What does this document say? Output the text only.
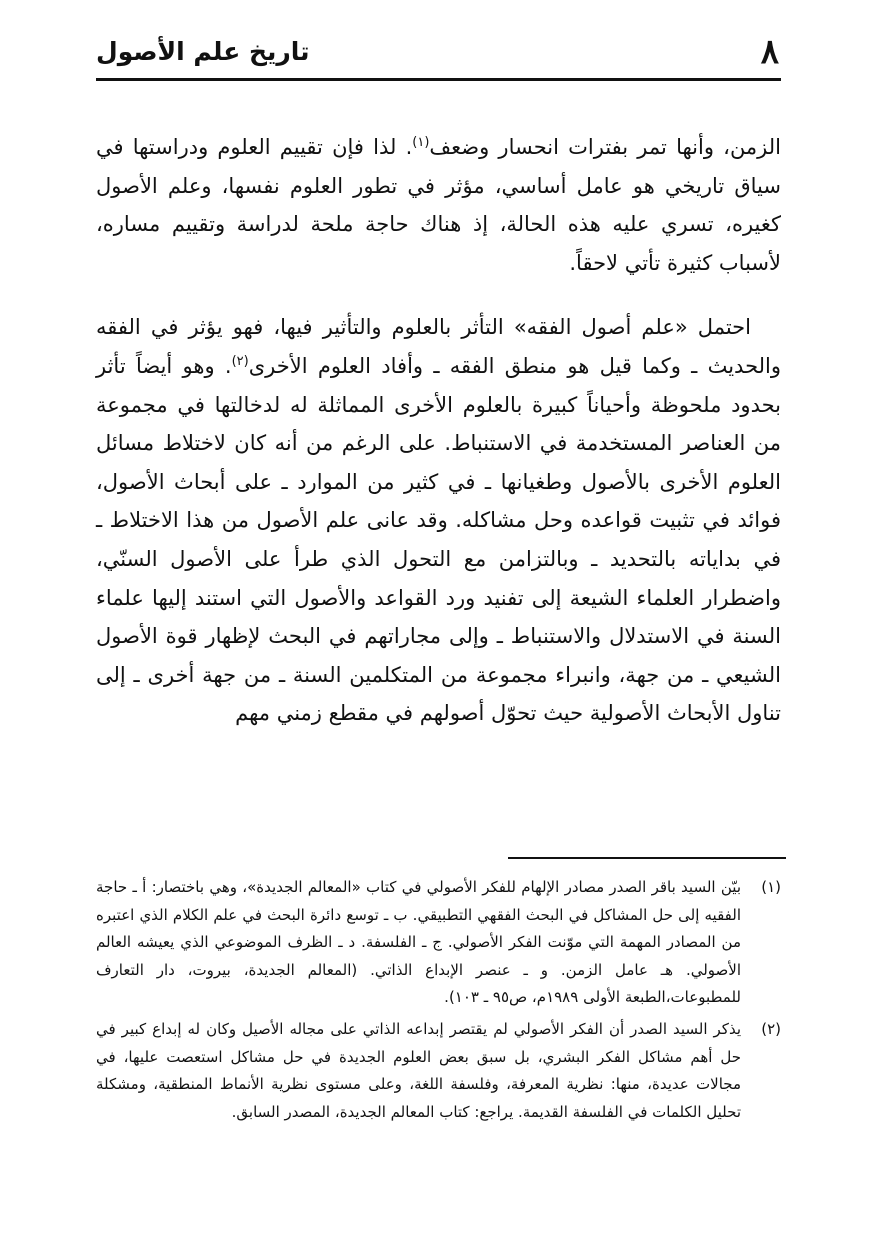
٨
تاريخ علم الأصول

الزمن، وأنها تمر بفترات انحسار وضعف$^{(١)}$. لذا فإن تقييم العلوم ودراستها في سياق تاريخي هو عامل أساسي، مؤثر في تطور العلوم نفسها، وعلم الأصول كغيره، تسري عليه هذه الحالة، إذ هناك حاجة ملحة لدراسة وتقييم مساره، لأسباب كثيرة تأتي لاحقاً.

احتمل «علم أصول الفقه» التأثر بالعلوم والتأثير فيها، فهو يؤثر في الفقه والحديث ـ وكما قيل هو منطق الفقه ـ وأفاد العلوم الأخرى$^{(٢)}$. وهو أيضاً تأثر بحدود ملحوظة وأحياناً كبيرة بالعلوم الأخرى المماثلة له لدخالتها في مجموعة من العناصر المستخدمة في الاستنباط. على الرغم من أنه كان لاختلاط مسائل العلوم الأخرى بالأصول وطغيانها ـ في كثير من الموارد ـ على أبحاث الأصول، فوائد في تثبيت قواعده وحل مشاكله. وقد عانى علم الأصول من هذا الاختلاط ـ في بداياته بالتحديد ـ وبالتزامن مع التحول الذي طرأ على الأصول السنّي، واضطرار العلماء الشيعة إلى تفنيد ورد القواعد والأصول التي استند إليها علماء السنة في الاستدلال والاستنباط ـ وإلى مجاراتهم في البحث لإظهار قوة الأصول الشيعي ـ من جهة، وانبراء مجموعة من المتكلمين السنة ـ من جهة أخرى ـ إلى تناول الأبحاث الأصولية حيث تحوّل أصولهم في مقطع زمني مهم

(١)
بيّن السيد باقر الصدر مصادر الإلهام للفكر الأصولي في كتاب «المعالم الجديدة»، وهي باختصار: أ ـ حاجة الفقيه إلى حل المشاكل في البحث الفقهي التطبيقي. ب ـ توسع دائرة البحث في علم الكلام الذي اعتبره من المصادر المهمة التي موّنت الفكر الأصولي. ج ـ الفلسفة. د ـ الظرف الموضوعي الذي يعيشه العالم الأصولي. هـ عامل الزمن. و ـ عنصر الإبداع الذاتي. (المعالم الجديدة، بيروت، دار التعارف للمطبوعات،الطبعة الأولى ١٩٨٩م، ص٩٥ ـ ١٠٣).
(٢)
يذكر السيد الصدر أن الفكر الأصولي لم يقتصر إبداعه الذاتي على مجاله الأصيل وكان له إبداع كبير في حل أهم مشاكل الفكر البشري، بل سبق بعض العلوم الجديدة في حل مشاكل استعصت عليها، في مجالات عديدة، منها: نظرية المعرفة، وفلسفة اللغة، وعلى مستوى نظرية الأنماط المنطقية، ومشكلة تحليل الكلمات في الفلسفة القديمة. يراجع: كتاب المعالم الجديدة، المصدر السابق.
